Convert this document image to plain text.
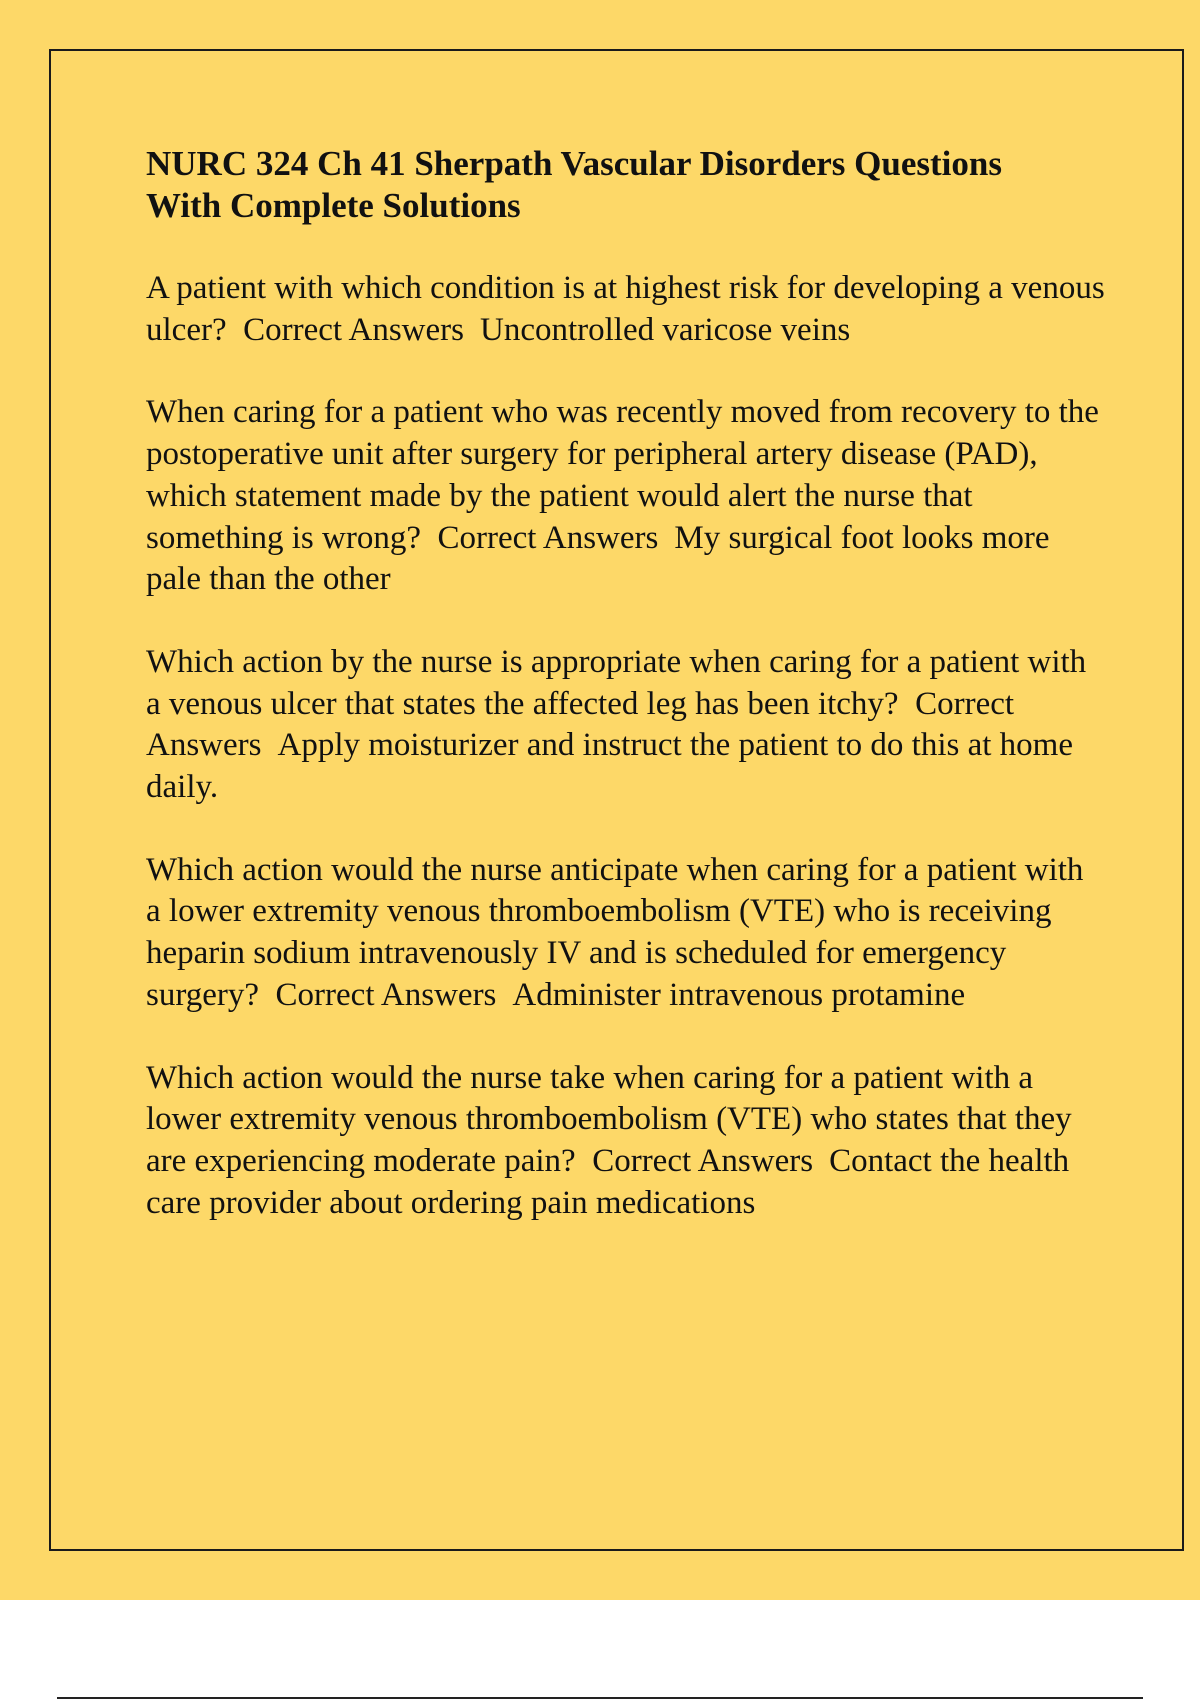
NURC 324 Ch 41 Sherpath Vascular Disorders Questions With Complete Solutions

A patient with which condition is at highest risk for developing a venous ulcer? Correct Answers Uncontrolled varicose veins

When caring for a patient who was recently moved from recovery to the postoperative unit after surgery for peripheral artery disease (PAD), which statement made by the patient would alert the nurse that something is wrong? Correct Answers My surgical foot looks more pale than the other

Which action by the nurse is appropriate when caring for a patient with a venous ulcer that states the affected leg has been itchy? Correct Answers Apply moisturizer and instruct the patient to do this at home daily.

Which action would the nurse anticipate when caring for a patient with a lower extremity venous thromboembolism (VTE) who is receiving heparin sodium intravenously IV and is scheduled for emergency surgery? Correct Answers Administer intravenous protamine

Which action would the nurse take when caring for a patient with a lower extremity venous thromboembolism (VTE) who states that they are experiencing moderate pain? Correct Answers Contact the health care provider about ordering pain medications
